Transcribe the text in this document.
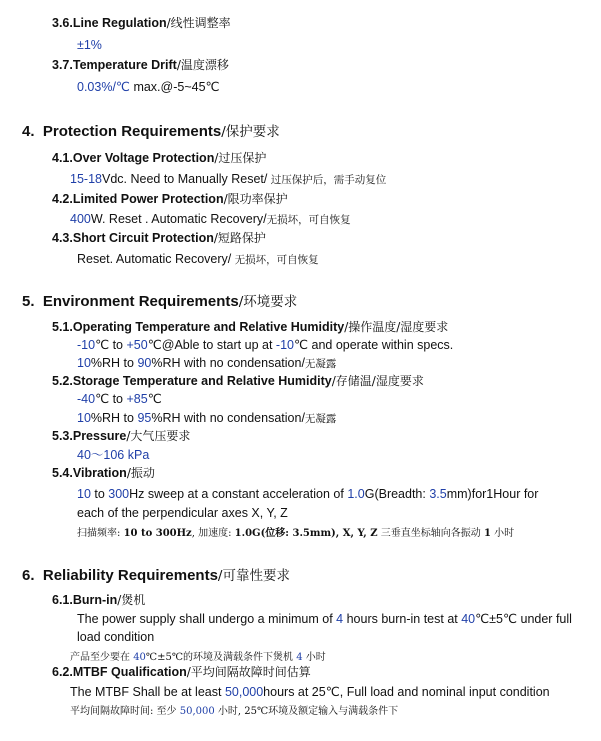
3.6.Line Regulation/线性调整率
±1%
3.7.Temperature Drift/温度漂移
0.03%/℃ max.@-5~45℃
4. Protection Requirements/保护要求
4.1.Over Voltage Protection/过压保护
15-18Vdc. Need to Manually Reset/ 过压保护后，需手动复位
4.2.Limited Power Protection/限功率保护
400W. Reset . Automatic Recovery/无损坏，可自恢复
4.3.Short Circuit Protection/短路保护
Reset. Automatic Recovery/ 无损坏，可自恢复
5. Environment Requirements/环境要求
5.1.Operating Temperature and Relative Humidity/操作温度/湿度要求
-10℃ to +50℃@Able to start up at -10℃ and operate within specs.
10%RH to 90%RH with no condensation/无凝露
5.2.Storage Temperature and Relative Humidity/存储温/湿度要求
-40℃ to +85℃
10%RH to 95%RH with no condensation/无凝露
5.3.Pressure/大气压要求
40～106 kPa
5.4.Vibration/振动
10 to 300Hz sweep at a constant acceleration of 1.0G(Breadth: 3.5mm)for1Hour for
each of the perpendicular axes X, Y, Z
扫描频率: 10 to 300Hz, 加速度: 1.0G(位移: 3.5mm), X, Y, Z 三垂直坐标轴向各振动 1 小时
6. Reliability Requirements/可靠性要求
6.1.Burn-in/煲机
The power supply shall undergo a minimum of 4 hours burn-in test at 40℃±5℃ under full
load condition
产品至少要在 40℃±5℃的环境及满载条件下煲机 4 小时
6.2.MTBF Qualification/平均间隔故障时间估算
The MTBF Shall be at least 50,000hours at 25℃, Full load and nominal input condition
平均间隔故障时间: 至少 50,000 小时, 25℃环境及额定输入与满载条件下
